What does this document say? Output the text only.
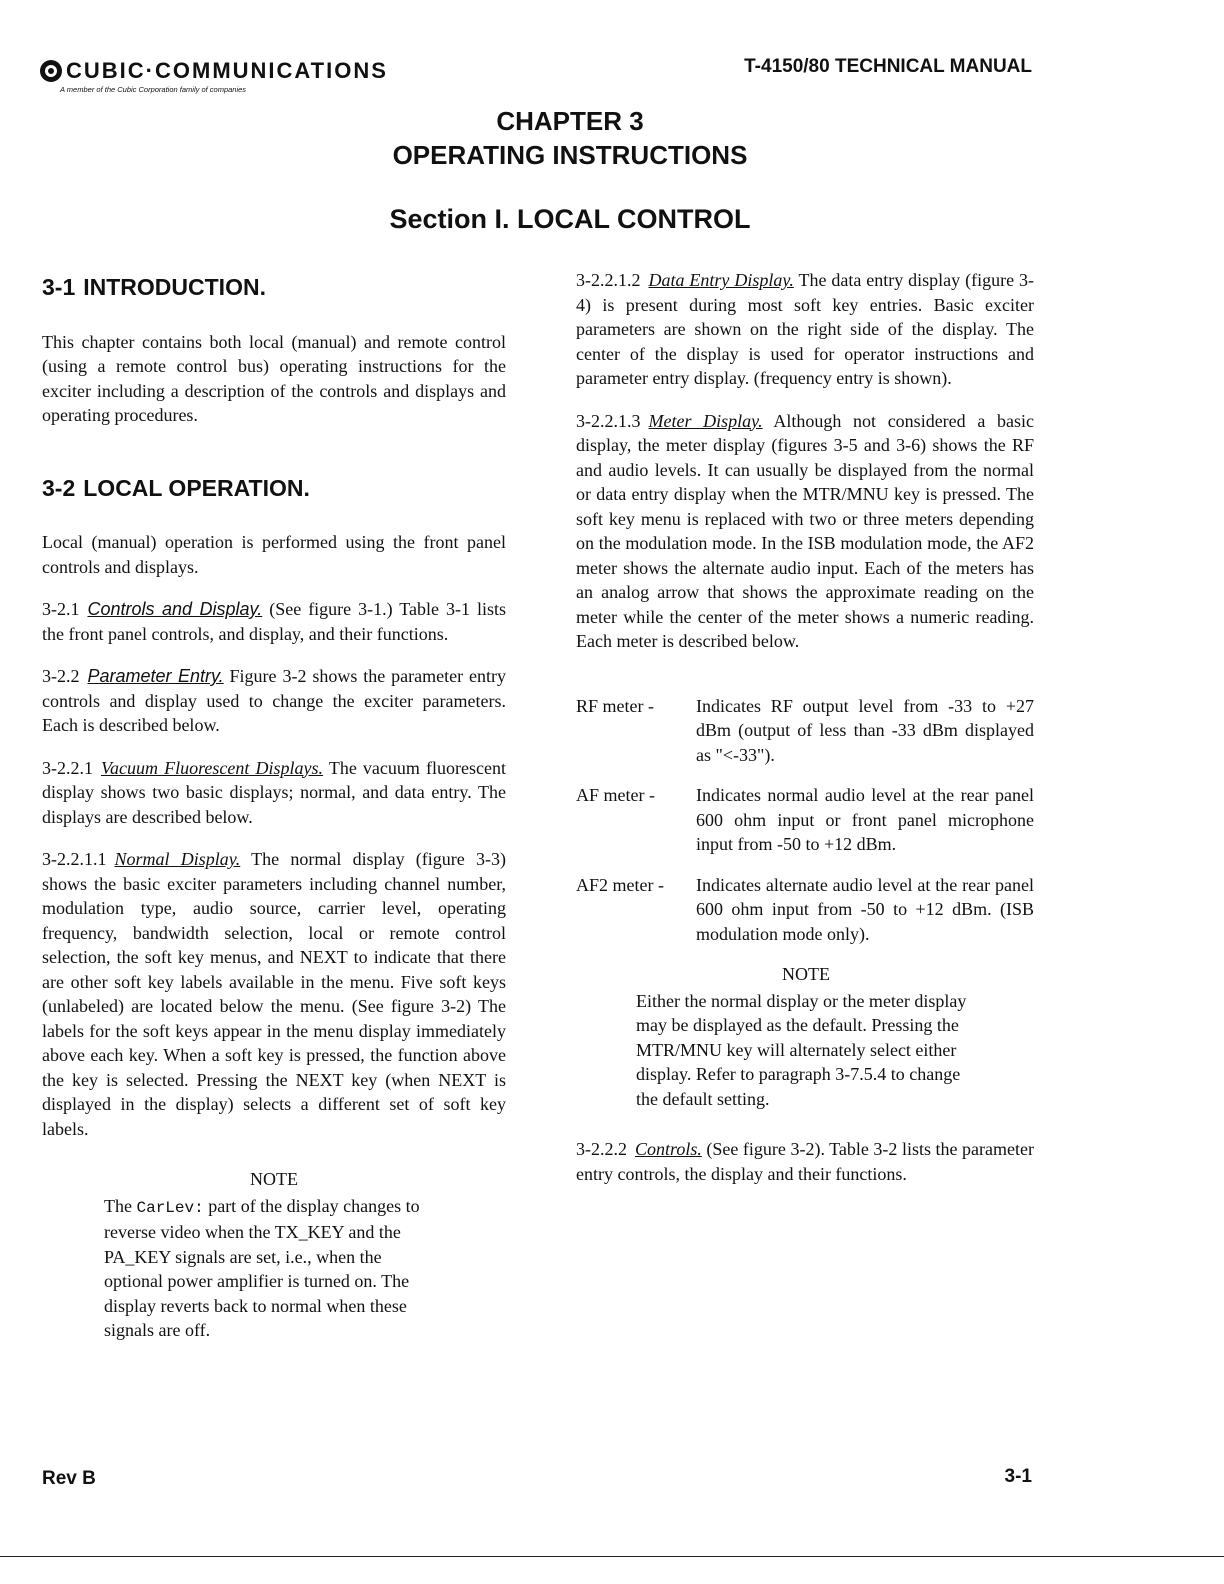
CUBIC·COMMUNICATIONS
A member of the Cubic Corporation family of companies
T-4150/80 TECHNICAL MANUAL
CHAPTER 3
OPERATING INSTRUCTIONS
Section I. LOCAL CONTROL
3-1 INTRODUCTION.

This chapter contains both local (manual) and remote control (using a remote control bus) operating instructions for the exciter including a description of the controls and displays and operating procedures.

3-2 LOCAL OPERATION.

Local (manual) operation is performed using the front panel controls and displays.

3-2.1 Controls and Display. (See figure 3-1.) Table 3-1 lists the front panel controls, and display, and their functions.

3-2.2 Parameter Entry. Figure 3-2 shows the parameter entry controls and display used to change the exciter parameters. Each is described below.

3-2.2.1 Vacuum Fluorescent Displays. The vacuum fluorescent display shows two basic displays; normal, and data entry. The displays are described below.

3-2.2.1.1 Normal Display. The normal display (figure 3-3) shows the basic exciter parameters including channel number, modulation type, audio source, carrier level, operating frequency, bandwidth selection, local or remote control selection, the soft key menus, and NEXT to indicate that there are other soft key labels available in the menu. Five soft keys (unlabeled) are located below the menu. (See figure 3-2) The labels for the soft keys appear in the menu display immediately above each key. When a soft key is pressed, the function above the key is selected. Pressing the NEXT key (when NEXT is displayed in the display) selects a different set of soft key labels.

NOTE
The CarLev: part of the display changes to reverse video when the TX_KEY and the PA_KEY signals are set, i.e., when the optional power amplifier is turned on. The display reverts back to normal when these signals are off.

3-2.2.1.2 Data Entry Display. The data entry display (figure 3-4) is present during most soft key entries. Basic exciter parameters are shown on the right side of the display. The center of the display is used for operator instructions and parameter entry display. (frequency entry is shown).

3-2.2.1.3 Meter Display. Although not considered a basic display, the meter display (figures 3-5 and 3-6) shows the RF and audio levels. It can usually be displayed from the normal or data entry display when the MTR/MNU key is pressed. The soft key menu is replaced with two or three meters depending on the modulation mode. In the ISB modulation mode, the AF2 meter shows the alternate audio input. Each of the meters has an analog arrow that shows the approximate reading on the meter while the center of the meter shows a numeric reading. Each meter is described below.

RF meter -	Indicates RF output level from -33 to +27 dBm (output of less than -33 dBm displayed as "<-33").
AF meter -	Indicates normal audio level at the rear panel 600 ohm input or front panel microphone input from -50 to +12 dBm.
AF2 meter -	Indicates alternate audio level at the rear panel 600 ohm input from -50 to +12 dBm. (ISB modulation mode only).
NOTE
Either the normal display or the meter display may be displayed as the default. Pressing the MTR/MNU key will alternately select either display. Refer to paragraph 3-7.5.4 to change the default setting.

3-2.2.2 Controls. (See figure 3-2). Table 3-2 lists the parameter entry controls, the display and their functions.

Rev B	3-1
